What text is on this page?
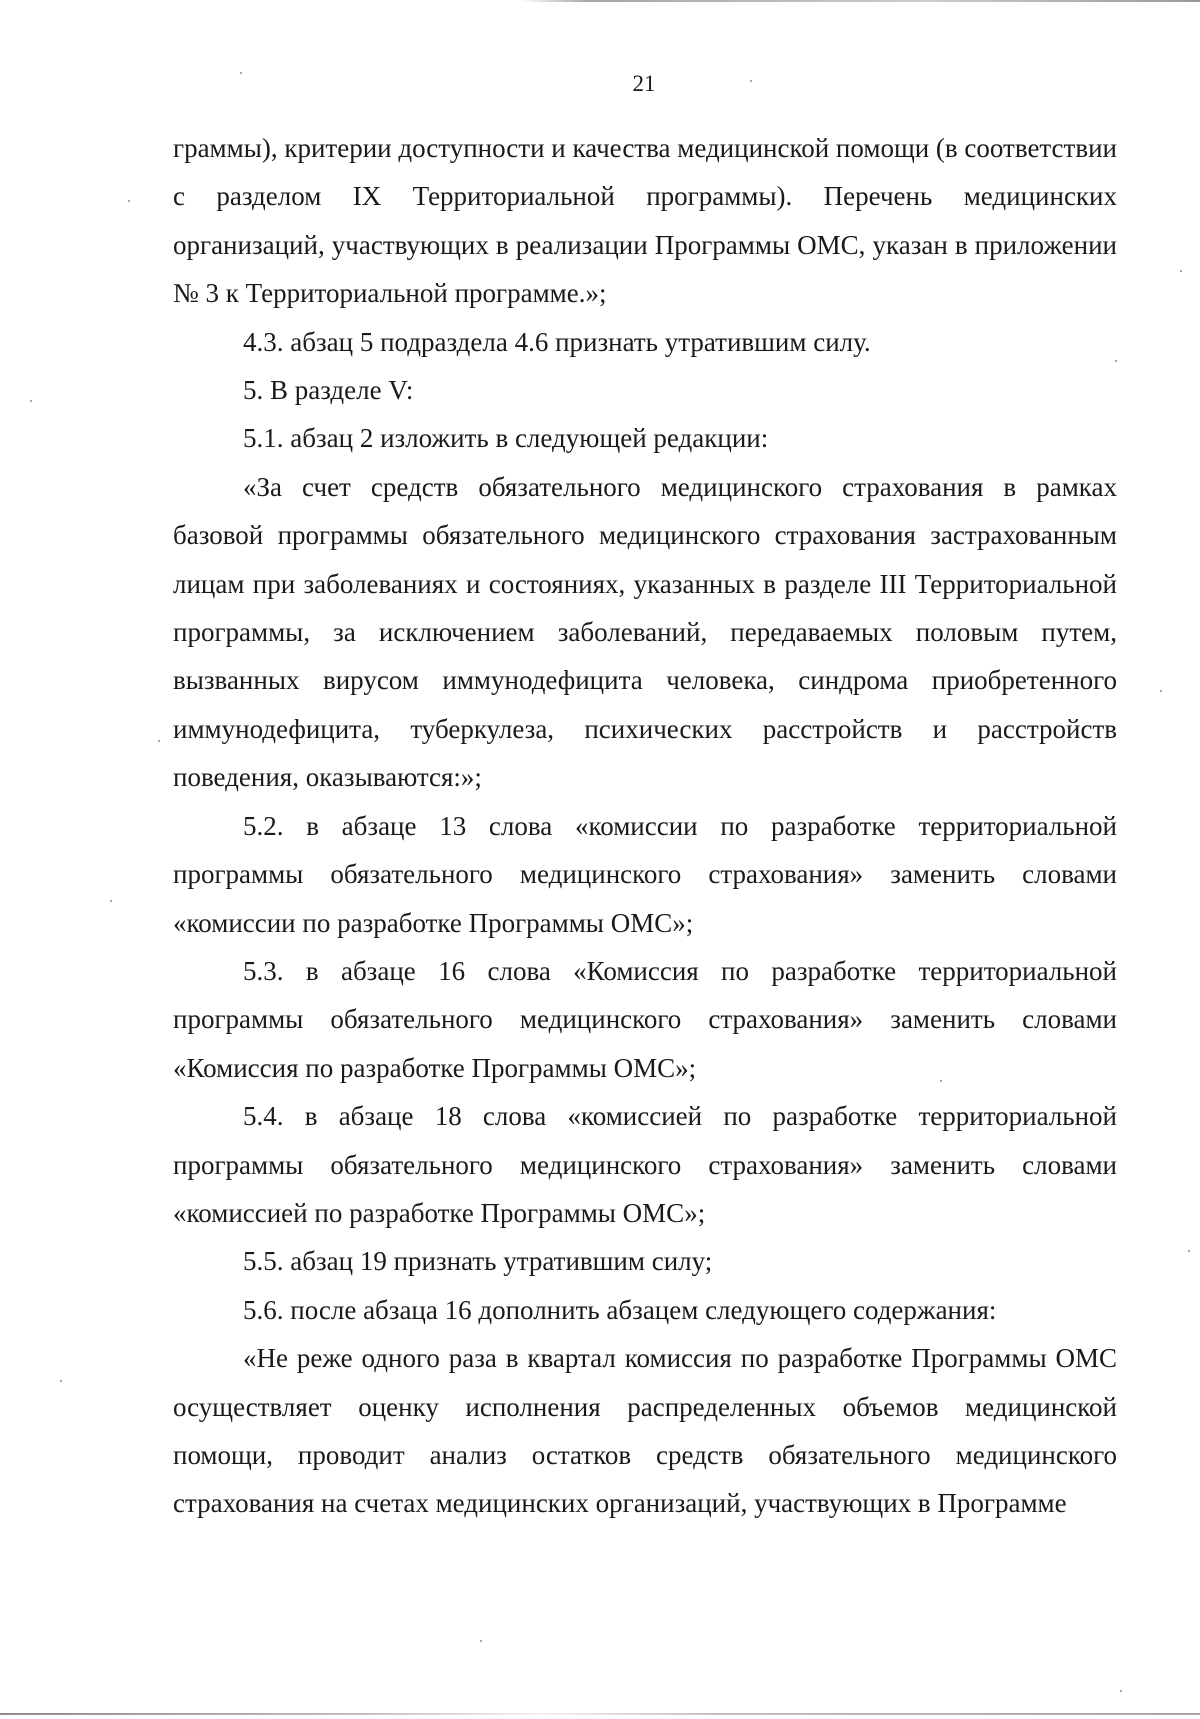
21

граммы), критерии доступности и качества медицинской помощи (в соответствии с разделом IX Территориальной программы). Перечень медицинских организаций, участвующих в реализации Программы ОМС, указан в приложении № 3 к Территориальной программе.»;

4.3. абзац 5 подраздела 4.6 признать утратившим силу.

5. В разделе V:

5.1. абзац 2 изложить в следующей редакции:

«За счет средств обязательного медицинского страхования в рамках базовой программы обязательного медицинского страхования застрахованным лицам при заболеваниях и состояниях, указанных в разделе III Территориальной программы, за исключением заболеваний, передаваемых половым путем, вызванных вирусом иммунодефицита человека, синдрома приобретенного иммунодефицита, туберкулеза, психических расстройств и расстройств поведения, оказываются:»;

5.2. в абзаце 13 слова «комиссии по разработке территориальной программы обязательного медицинского страхования» заменить словами «комиссии по разработке Программы ОМС»;

5.3. в абзаце 16 слова «Комиссия по разработке территориальной программы обязательного медицинского страхования» заменить словами «Комиссия по разработке Программы ОМС»;

5.4. в абзаце 18 слова «комиссией по разработке территориальной программы обязательного медицинского страхования» заменить словами «комиссией по разработке Программы ОМС»;

5.5. абзац 19 признать утратившим силу;

5.6. после абзаца 16 дополнить абзацем следующего содержания:

«Не реже одного раза в квартал комиссия по разработке Программы ОМС осуществляет оценку исполнения распределенных объемов медицинской помощи, проводит анализ остатков средств обязательного медицинского страхования на счетах медицинских организаций, участвующих в Программе
